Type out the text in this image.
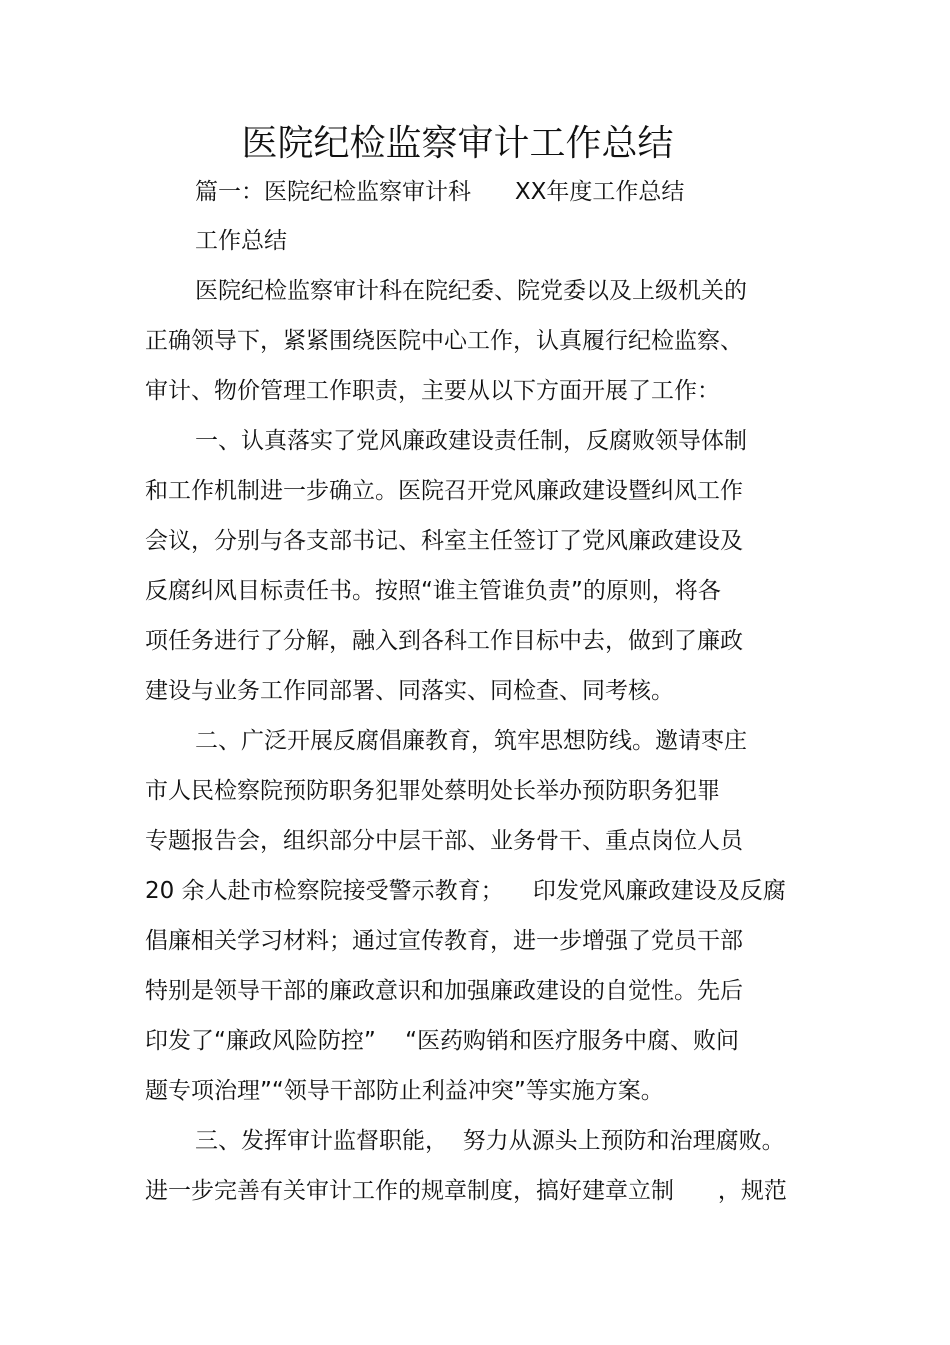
医院纪检监察审计工作总结
篇一：医院纪检监察审计科      XX年度工作总结
工作总结
医院纪检监察审计科在院纪委、院党委以及上级机关的
正确领导下，紧紧围绕医院中心工作，认真履行纪检监察、
审计、物价管理工作职责，主要从以下方面开展了工作：
一、认真落实了党风廉政建设责任制，反腐败领导体制
和工作机制进一步确立。医院召开党风廉政建设暨纠风工作
会议，分别与各支部书记、科室主任签订了党风廉政建设及
反腐纠风目标责任书。按照“谁主管谁负责”的原则，将各
项任务进行了分解，融入到各科工作目标中去，做到了廉政
建设与业务工作同部署、同落实、同检查、同考核。
二、广泛开展反腐倡廉教育，筑牢思想防线。邀请枣庄
市人民检察院预防职务犯罪处蔡明处长举办预防职务犯罪
专题报告会，组织部分中层干部、业务骨干、重点岗位人员
20 余人赴市检察院接受警示教育；    印发党风廉政建设及反腐
倡廉相关学习材料；通过宣传教育，进一步增强了党员干部
特别是领导干部的廉政意识和加强廉政建设的自觉性。先后
印发了“廉政风险防控”    “医药购销和医疗服务中腐、败问
题专项治理”“领导干部防止利益冲突”等实施方案。
三、发挥审计监督职能，  努力从源头上预防和治理腐败。
进一步完善有关审计工作的规章制度，搞好建章立制      ，规范
